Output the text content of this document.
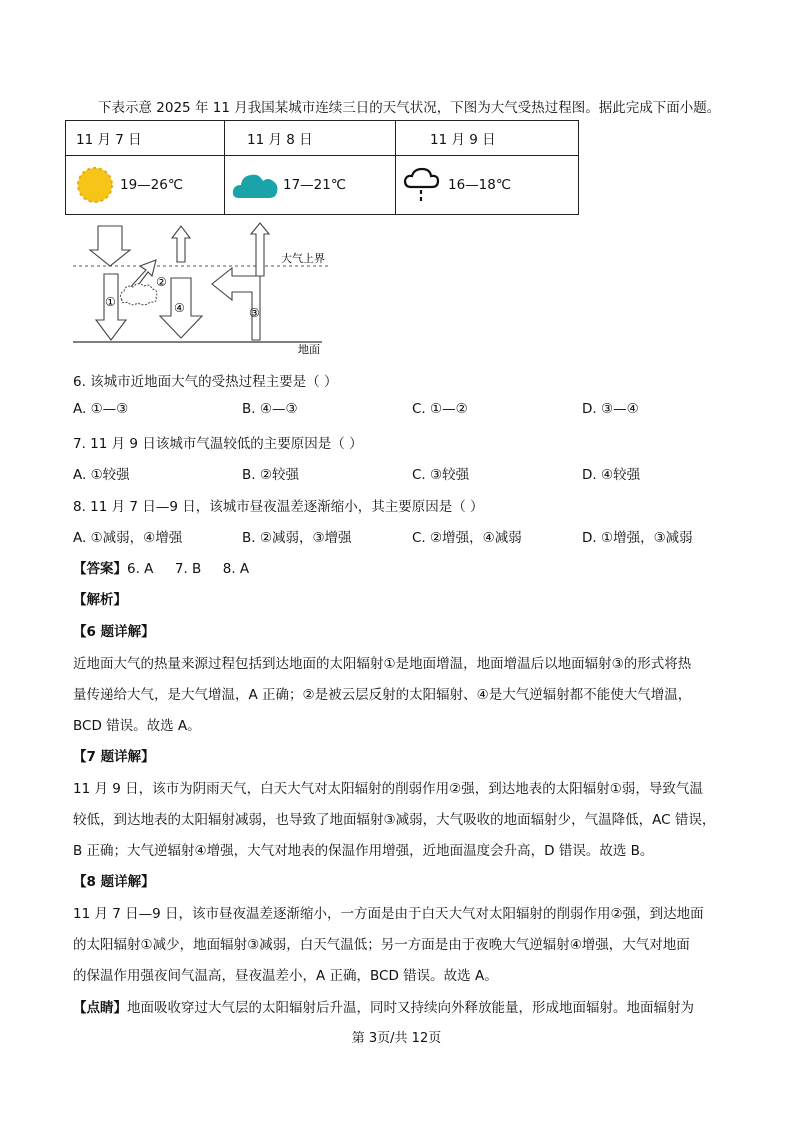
下表示意 2025 年 11 月我国某城市连续三日的天气状况，下图为大气受热过程图。据此完成下面小题。
11 月 7 日	11 月 8 日	11 月 9 日

19—26℃	17—21℃	16—18℃
①
②
③
④
大气上界
地面
6. 该城市近地面大气的受热过程主要是（ ）
A. ①—③	B. ④—③	C. ①—②	D. ③—④
7. 11 月 9 日该城市气温较低的主要原因是（ ）
A. ①较强	B. ②较强	C. ③较强	D. ④较强
8. 11 月 7 日—9 日，该城市昼夜温差逐渐缩小，其主要原因是（ ）
A. ①减弱，④增强	B. ②减弱，③增强	C. ②增强，④减弱	D. ①增强，③减弱
【答案】6. A     7. B     8. A
【解析】
【6 题详解】
近地面大气的热量来源过程包括到达地面的太阳辐射①是地面增温，地面增温后以地面辐射③的形式将热
量传递给大气，是大气增温，A 正确；②是被云层反射的太阳辐射、④是大气逆辐射都不能使大气增温，
BCD 错误。故选 A。
【7 题详解】
11 月 9 日，该市为阴雨天气，白天大气对太阳辐射的削弱作用②强，到达地表的太阳辐射①弱，导致气温
较低，到达地表的太阳辐射减弱，也导致了地面辐射③减弱，大气吸收的地面辐射少，气温降低，AC 错误，
B 正确；大气逆辐射④增强，大气对地表的保温作用增强，近地面温度会升高，D 错误。故选 B。
【8 题详解】
11 月 7 日—9 日，该市昼夜温差逐渐缩小，一方面是由于白天大气对太阳辐射的削弱作用②强，到达地面
的太阳辐射①减少，地面辐射③减弱，白天气温低；另一方面是由于夜晚大气逆辐射④增强，大气对地面
的保温作用强夜间气温高，昼夜温差小，A 正确，BCD 错误。故选 A。
【点睛】地面吸收穿过大气层的太阳辐射后升温，同时又持续向外释放能量，形成地面辐射。地面辐射为
第 3页/共 12页
